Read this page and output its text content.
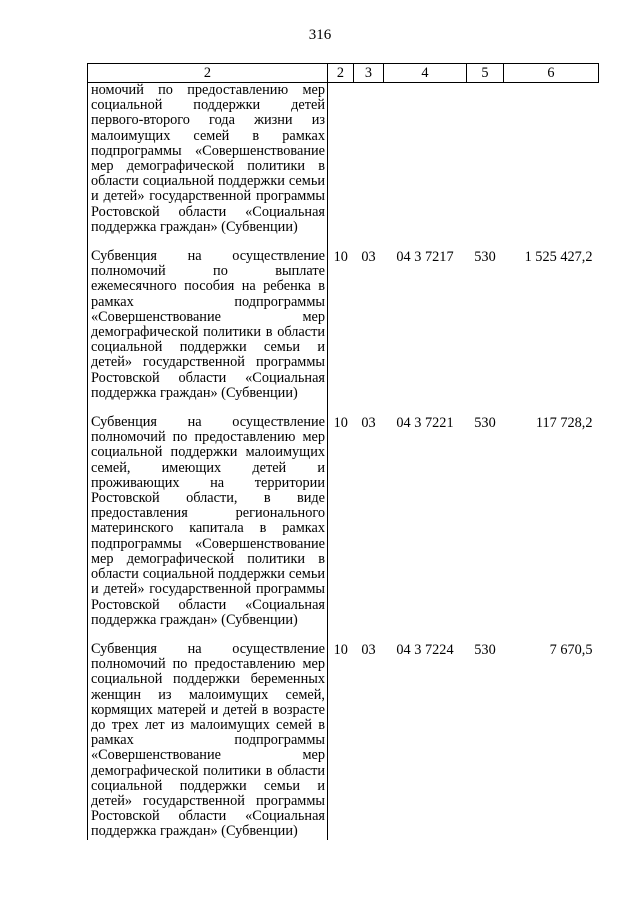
316
2	2	3	4	5	6
номочий по предоставлению мер социальной поддержки детей первого-второго года жизни из малоимущих семей в рамках подпрограммы «Совершенствование мер демографической политики в области социальной поддержки семьи и детей» государственной программы Ростовской области «Социальная поддержка граждан» (Субвенции)					

Субвенция на осуществление полномочий по выплате ежемесячного пособия на ребенка в рамках подпрограммы «Совершенствование мер демографической политики в области социальной поддержки семьи и детей» государственной программы Ростовской области «Социальная поддержка граждан» (Субвенции)	10	03	04 3 7217	530	1 525 427,2

Субвенция на осуществление полномочий по предоставлению мер социальной поддержки малоимущих семей, имеющих детей и проживающих на территории Ростовской области, в виде предоставления регионального материнского капитала в рамках подпрограммы «Совершенствование мер демографической политики в области социальной поддержки семьи и детей» государственной программы Ростовской области «Социальная поддержка граждан» (Субвенции)	10	03	04 3 7221	530	117 728,2

Субвенция на осуществление полномочий по предоставлению мер социальной поддержки беременных женщин из малоимущих семей, кормящих матерей и детей в возрасте до трех лет из малоимущих семей в рамках подпрограммы «Совершенствование мер демографической политики в области социальной поддержки семьи и детей» государственной программы Ростовской области «Социальная поддержка граждан» (Субвенции)	10	03	04 3 7224	530	7 670,5
